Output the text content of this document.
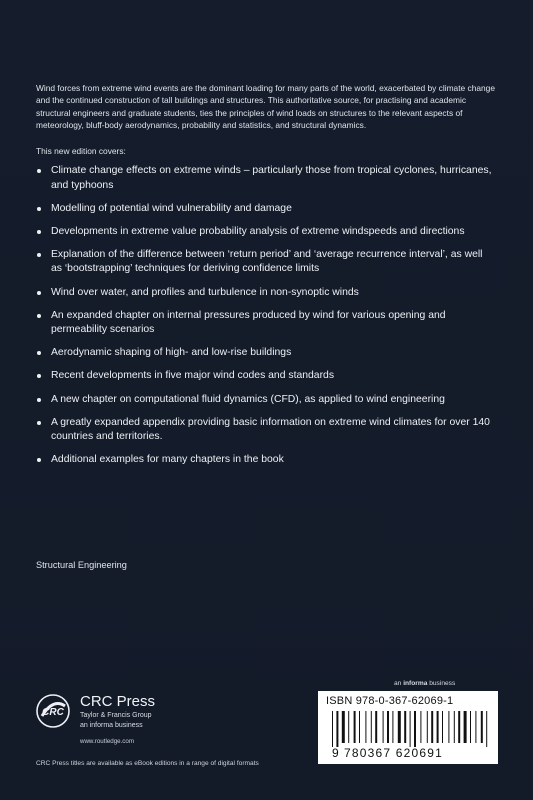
Wind forces from extreme wind events are the dominant loading for many parts of the world, exacerbated by climate change and the continued construction of tall buildings and structures. This authoritative source, for practising and academic structural engineers and graduate students, ties the principles of wind loads on structures to the relevant aspects of meteorology, bluff-body aerodynamics, probability and statistics, and structural dynamics.
This new edition covers:
Climate change effects on extreme winds – particularly those from tropical cyclones, hurricanes, and typhoons
Modelling of potential wind vulnerability and damage
Developments in extreme value probability analysis of extreme windspeeds and directions
Explanation of the difference between ‘return period’ and ‘average recurrence interval’, as well as ‘bootstrapping’ techniques for deriving confidence limits
Wind over water, and profiles and turbulence in non-synoptic winds
An expanded chapter on internal pressures produced by wind for various opening and permeability scenarios
Aerodynamic shaping of high- and low-rise buildings
Recent developments in five major wind codes and standards
A new chapter on computational fluid dynamics (CFD), as applied to wind engineering
A greatly expanded appendix providing basic information on extreme wind climates for over 140 countries and territories.
Additional examples for many chapters in the book
Structural Engineering
CRC
CRC Press
Taylor & Francis Group
an informa business
www.routledge.com
an informa business
ISBN 978-0-367-62069-1
9 780367 620691
CRC Press titles are available as eBook editions in a range of digital formats
